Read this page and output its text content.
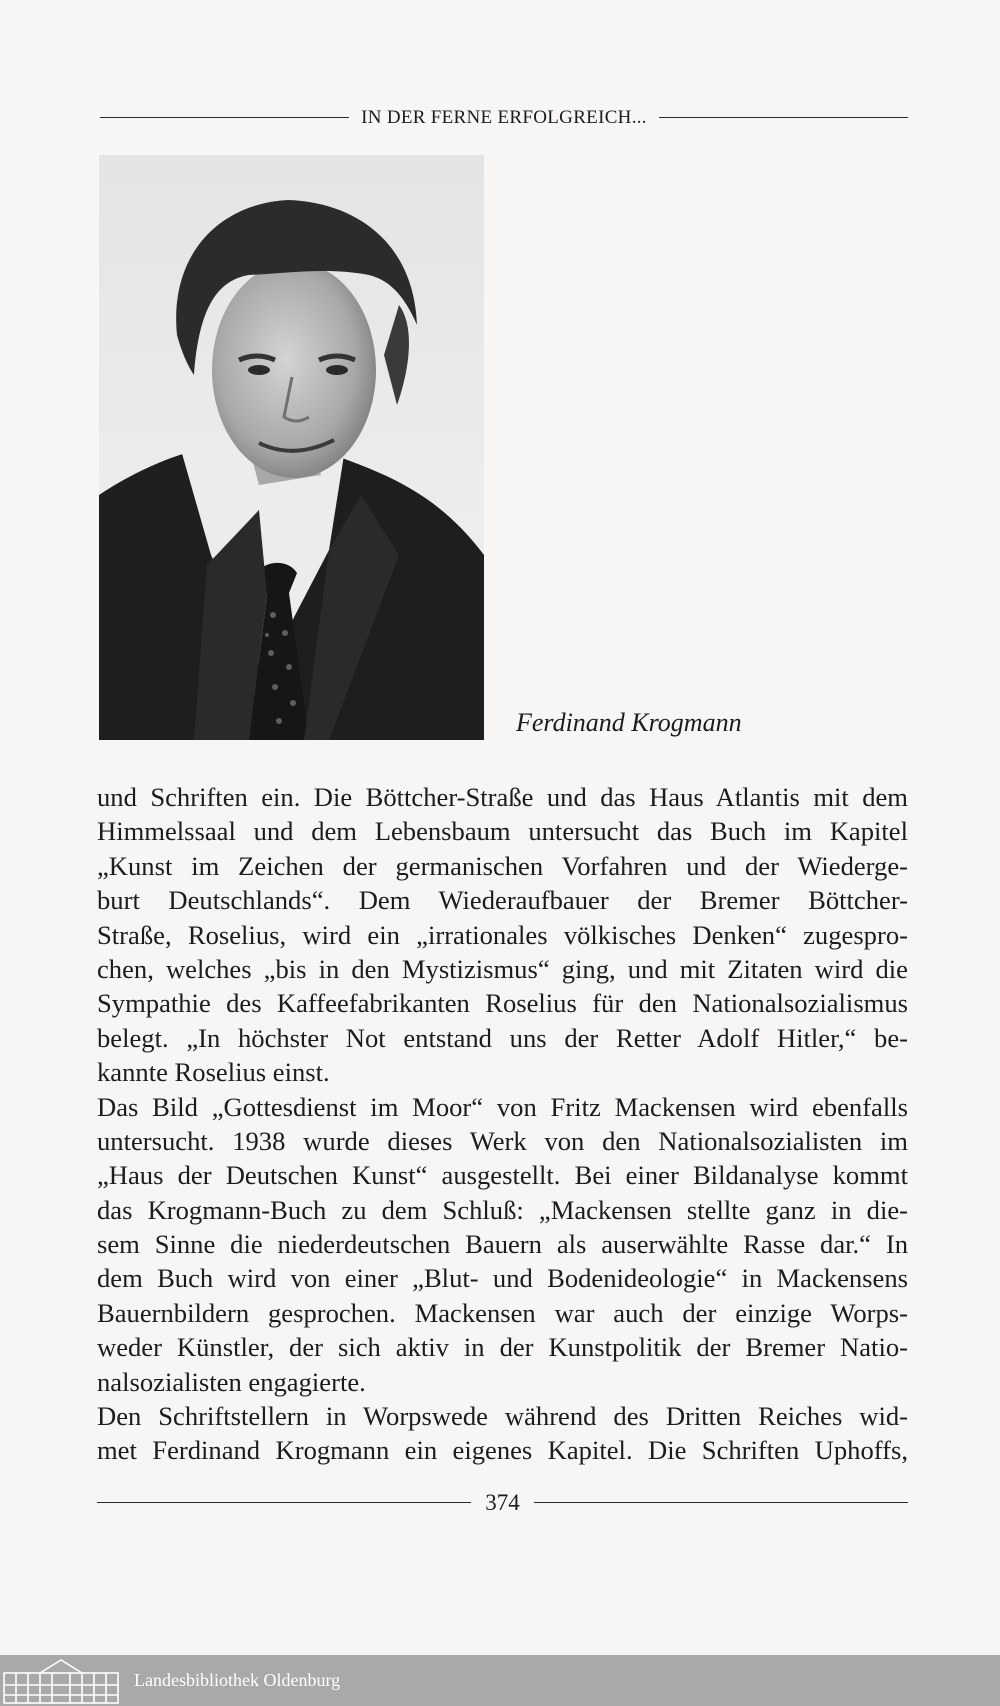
IN DER FERNE ERFOLGREICH...
Ferdinand Krogmann
und Schriften ein. Die Böttcher-Straße und das Haus Atlantis mit dem
Himmelssaal und dem Lebensbaum untersucht das Buch im Kapitel
„Kunst im Zeichen der germanischen Vorfahren und der Wiederge-
burt Deutschlands“. Dem Wiederaufbauer der Bremer Böttcher-
Straße, Roselius, wird ein „irrationales völkisches Denken“ zugespro-
chen, welches „bis in den Mystizismus“ ging, und mit Zitaten wird die
Sympathie des Kaffeefabrikanten Roselius für den Nationalsozialismus
belegt. „In höchster Not entstand uns der Retter Adolf Hitler,“ be-
kannte Roselius einst.
Das Bild „Gottesdienst im Moor“ von Fritz Mackensen wird ebenfalls
untersucht. 1938 wurde dieses Werk von den Nationalsozialisten im
„Haus der Deutschen Kunst“ ausgestellt. Bei einer Bildanalyse kommt
das Krogmann-Buch zu dem Schluß: „Mackensen stellte ganz in die-
sem Sinne die niederdeutschen Bauern als auserwählte Rasse dar.“ In
dem Buch wird von einer „Blut- und Bodenideologie“ in Mackensens
Bauernbildern gesprochen. Mackensen war auch der einzige Worps-
weder Künstler, der sich aktiv in der Kunstpolitik der Bremer Natio-
nalsozialisten engagierte.
Den Schriftstellern in Worpswede während des Dritten Reiches wid-
met Ferdinand Krogmann ein eigenes Kapitel. Die Schriften Uphoffs,
374
Landesbibliothek Oldenburg
